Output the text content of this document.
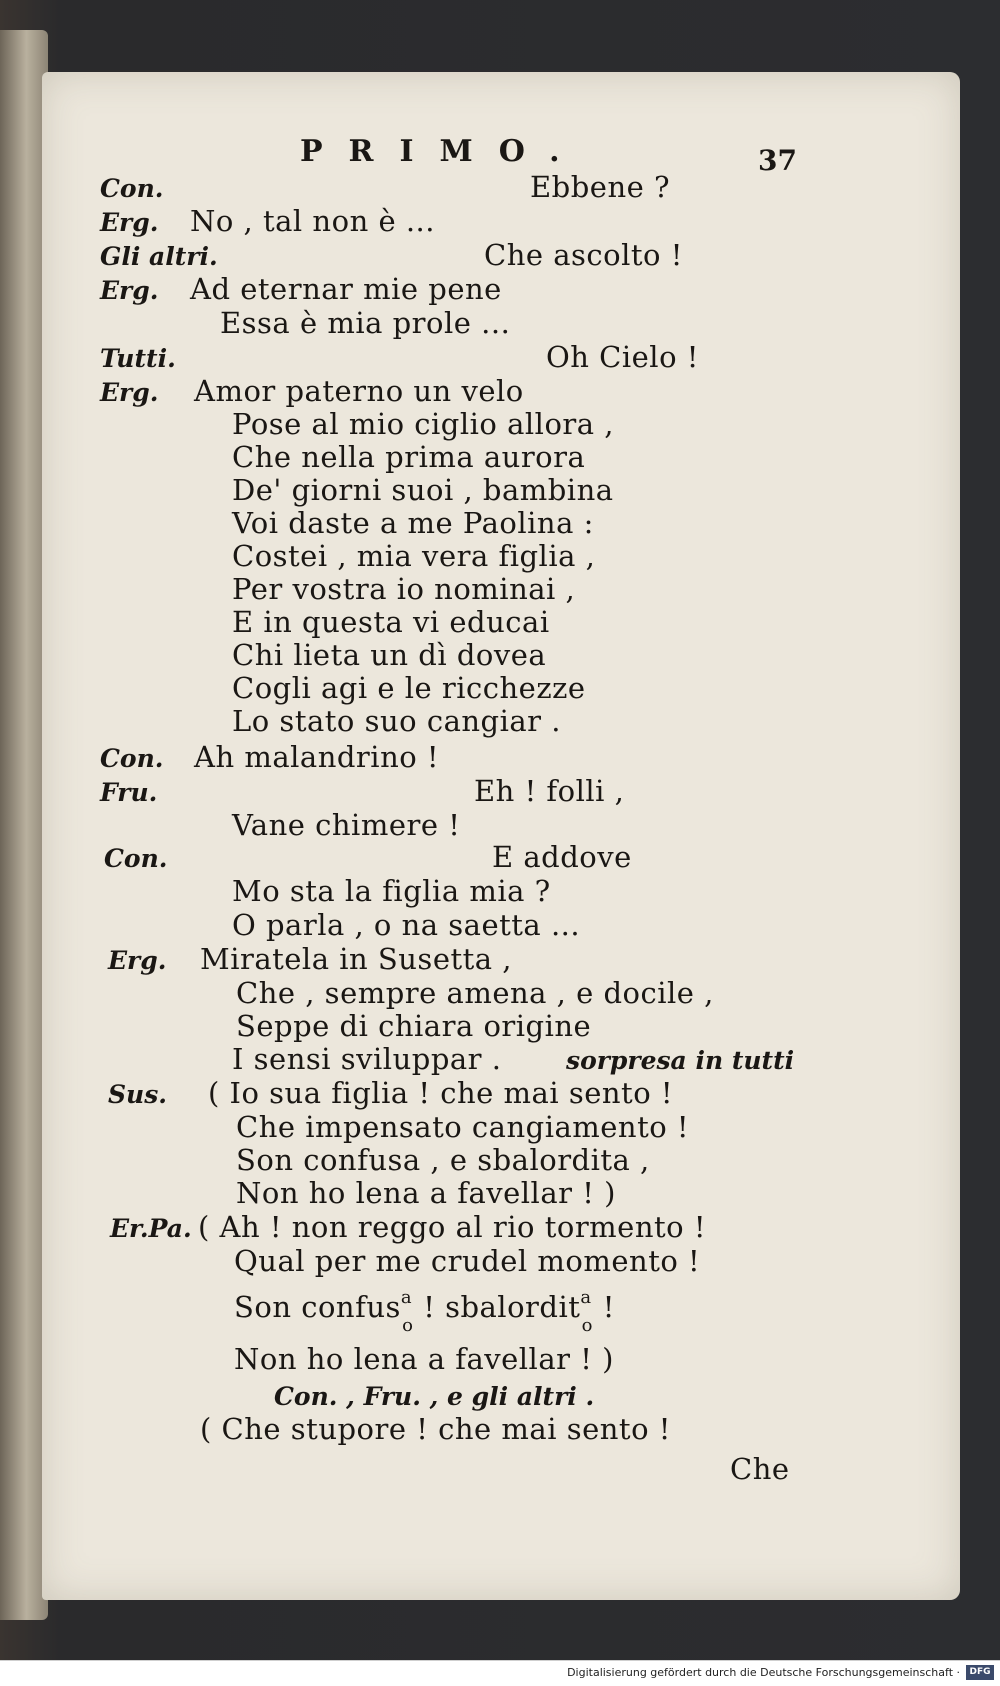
PRIMO.	37
Con.	Ebbene ?
Erg. No , tal non è ...
Gli altri.	Che ascolto !
Erg. Ad eternar mie pene
Essa è mia prole ...
Tutti.	Oh Cielo !
Erg. Amor paterno un velo
Pose al mio ciglio allora ,
Che nella prima aurora
De' giorni suoi , bambina
Voi daste a me Paolina :
Costei , mia vera figlia ,
Per vostra io nominai ,
E in questa vi educai
Chi lieta un dì dovea
Cogli agi e le ricchezze
Lo stato suo cangiar .
Con. Ah malandrino !
Fru.	Eh ! folli ,
Vane chimere !
Con.	E addove
Mo sta la figlia mia ?
O parla , o na saetta ...
Erg. Miratela in Susetta ,
Che , sempre amena , e docile ,
Seppe di chiara origine
I sensi sviluppar .	sorpresa in tutti
Sus. ( Io sua figlia ! che mai sento !
Che impensato cangiamento !
Son confusa , e sbalordita ,
Non ho lena a favellar ! )
Er.Pa. ( Ah ! non reggo al rio tormento !
Qual per me crudel momento !
Son confus$^a_o$ ! sbalordit$^a_o$ !
Non ho lena a favellar ! )
Con. , Fru. , e gli altri .
( Che stupore ! che mai sento !
Che
Digitalisierung gefördert durch die Deutsche Forschungsgemeinschaft ·	DFG
